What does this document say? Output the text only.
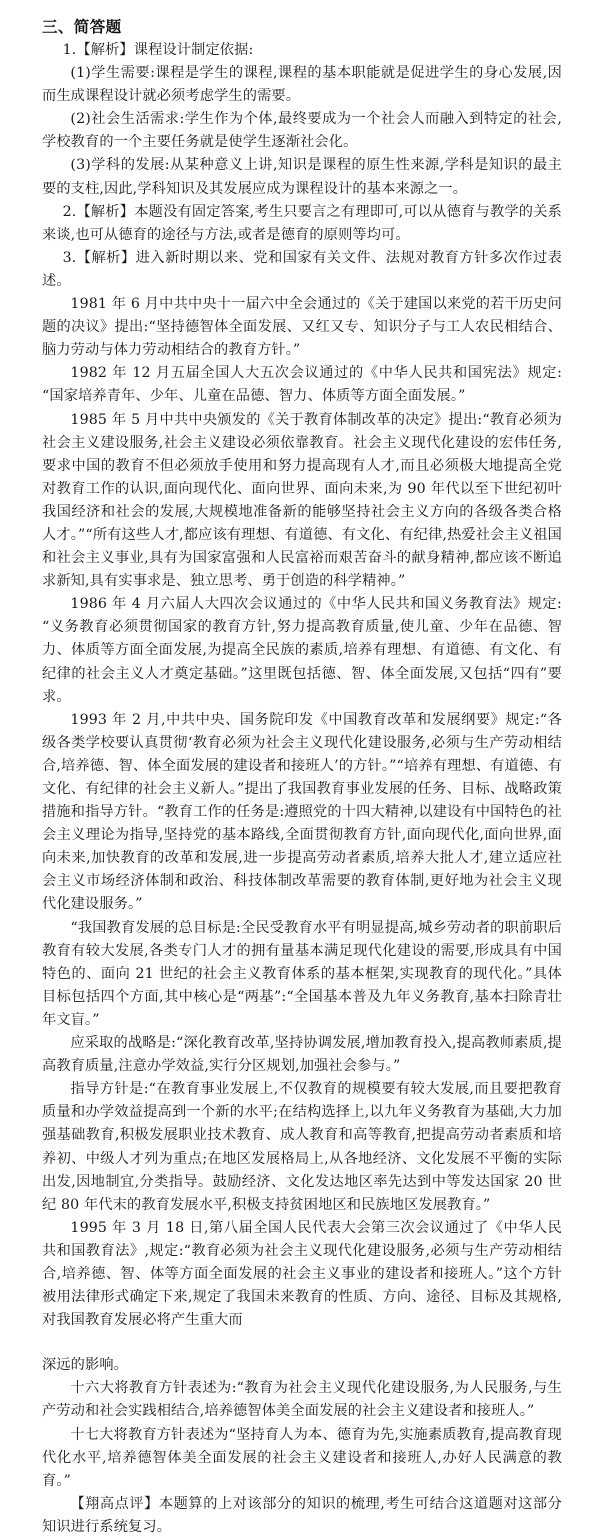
三、简答题

1.【解析】课程设计制定依据:

(1)学生需要:课程是学生的课程,课程的基本职能就是促进学生的身心发展,因而生成课程设计就必须考虑学生的需要。

(2)社会生活需求:学生作为个体,最终要成为一个社会人而融入到特定的社会,学校教育的一个主要任务就是使学生逐渐社会化。

(3)学科的发展:从某种意义上讲,知识是课程的原生性来源,学科是知识的最主要的支柱,因此,学科知识及其发展应成为课程设计的基本来源之一。

2.【解析】本题没有固定答案,考生只要言之有理即可,可以从德育与教学的关系来谈,也可从德育的途径与方法,或者是德育的原则等均可。

3.【解析】进入新时期以来、党和国家有关文件、法规对教育方针多次作过表述。

1981 年 6 月中共中央十一届六中全会通过的《关于建国以来党的若干历史问题的决议》提出:“坚持德智体全面发展、又红又专、知识分子与工人农民相结合、脑力劳动与体力劳动相结合的教育方针。”

1982 年 12 月五届全国人大五次会议通过的《中华人民共和国宪法》规定:“国家培养青年、少年、儿童在品德、智力、体质等方面全面发展。”

1985 年 5 月中共中央颁发的《关于教育体制改革的决定》提出:“教育必须为社会主义建设服务,社会主义建设必须依靠教育。社会主义现代化建设的宏伟任务,要求中国的教育不但必须放手使用和努力提高现有人才,而且必须极大地提高全党对教育工作的认识,面向现代化、面向世界、面向未来,为 90 年代以至下世纪初叶我国经济和社会的发展,大规模地准备新的能够坚持社会主义方向的各级各类合格人才。”“所有这些人才,都应该有理想、有道德、有文化、有纪律,热爱社会主义祖国和社会主义事业,具有为国家富强和人民富裕而艰苦奋斗的献身精神,都应该不断追求新知,具有实事求是、独立思考、勇于创造的科学精神。”

1986 年 4 月六届人大四次会议通过的《中华人民共和国义务教育法》规定:“义务教育必须贯彻国家的教育方针,努力提高教育质量,使儿童、少年在品德、智力、体质等方面全面发展,为提高全民族的素质,培养有理想、有道德、有文化、有纪律的社会主义人才奠定基础。”这里既包括德、智、体全面发展,又包括“四有”要求。

1993 年 2 月,中共中央、国务院印发《中国教育改革和发展纲要》规定:“各级各类学校要认真贯彻‘教育必须为社会主义现代化建设服务,必须与生产劳动相结合,培养德、智、体全面发展的建设者和接班人’的方针。”“培养有理想、有道德、有文化、有纪律的社会主义新人。”提出了我国教育事业发展的任务、目标、战略政策措施和指导方针。“教育工作的任务是:遵照党的十四大精神,以建设有中国特色的社会主义理论为指导,坚持党的基本路线,全面贯彻教育方针,面向现代化,面向世界,面向未来,加快教育的改革和发展,进一步提高劳动者素质,培养大批人才,建立适应社会主义市场经济体制和政治、科技体制改革需要的教育体制,更好地为社会主义现代化建设服务。”

“我国教育发展的总目标是:全民受教育水平有明显提高,城乡劳动者的职前职后教育有较大发展,各类专门人才的拥有量基本满足现代化建设的需要,形成具有中国特色的、面向 21 世纪的社会主义教育体系的基本框架,实现教育的现代化。”具体目标包括四个方面,其中核心是“两基”:“全国基本普及九年义务教育,基本扫除青壮年文盲。”

应采取的战略是:“深化教育改革,坚持协调发展,增加教育投入,提高教师素质,提高教育质量,注意办学效益,实行分区规划,加强社会参与。”

指导方针是:“在教育事业发展上,不仅教育的规模要有较大发展,而且要把教育质量和办学效益提高到一个新的水平;在结构选择上,以九年义务教育为基础,大力加强基础教育,积极发展职业技术教育、成人教育和高等教育,把提高劳动者素质和培养初、中级人才列为重点;在地区发展格局上,从各地经济、文化发展不平衡的实际出发,因地制宜,分类指导。鼓励经济、文化发达地区率先达到中等发达国家 20 世纪 80 年代末的教育发展水平,积极支持贫困地区和民族地区发展教育。”

1995 年 3 月 18 日,第八届全国人民代表大会第三次会议通过了《中华人民共和国教育法》,规定:“教育必须为社会主义现代化建设服务,必须与生产劳动相结合,培养德、智、体等方面全面发展的社会主义事业的建设者和接班人。”这个方针被用法律形式确定下来,规定了我国未来教育的性质、方向、途径、目标及其规格,对我国教育发展必将产生重大而

深远的影响。

十六大将教育方针表述为:“教育为社会主义现代化建设服务,为人民服务,与生产劳动和社会实践相结合,培养德智体美全面发展的社会主义建设者和接班人。”

十七大将教育方针表述为“坚持育人为本、德育为先,实施素质教育,提高教育现代化水平,培养德智体美全面发展的社会主义建设者和接班人,办好人民满意的教育。”

【翔高点评】本题算的上对该部分的知识的梳理,考生可结合这道题对这部分知识进行系统复习。
